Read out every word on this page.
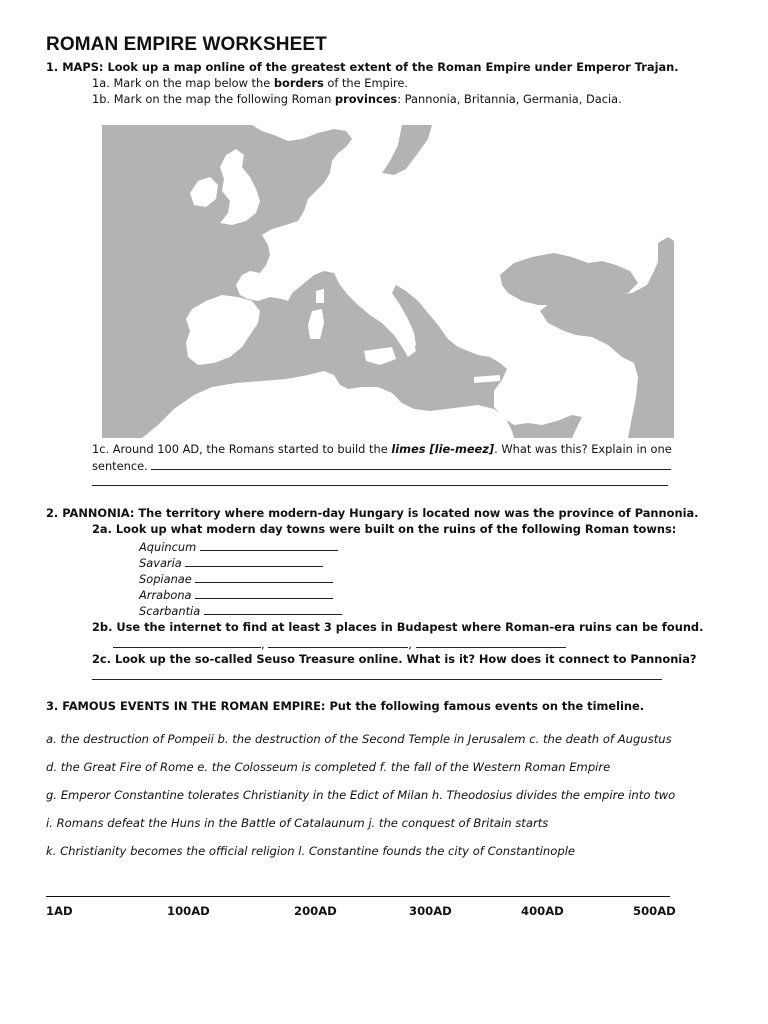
ROMAN EMPIRE WORKSHEET
1. MAPS: Look up a map online of the greatest extent of the Roman Empire under Emperor Trajan.
1a. Mark on the map below the borders of the Empire.
1b. Mark on the map the following Roman provinces: Pannonia, Britannia, Germania, Dacia.
1c. Around 100 AD, the Romans started to build the limes [lie-meez]. What was this? Explain in one
sentence.
2. PANNONIA: The territory where modern-day Hungary is located now was the province of Pannonia.
2a. Look up what modern day towns were built on the ruins of the following Roman towns:
Aquincum
Savaria
Sopianae
Arrabona
Scarbantia
2b. Use the internet to find at least 3 places in Budapest where Roman-era ruins can be found.
,	,
2c. Look up the so-called Seuso Treasure online. What is it? How does it connect to Pannonia?
3. FAMOUS EVENTS IN THE ROMAN EMPIRE: Put the following famous events on the timeline.
a. the destruction of Pompeii b. the destruction of the Second Temple in Jerusalem c. the death of Augustus
d. the Great Fire of Rome e. the Colosseum is completed f. the fall of the Western Roman Empire
g. Emperor Constantine tolerates Christianity in the Edict of Milan h. Theodosius divides the empire into two
i. Romans defeat the Huns in the Battle of Catalaunum j. the conquest of Britain starts
k. Christianity becomes the official religion l. Constantine founds the city of Constantinople
1AD	100AD	200AD	300AD	400AD	500AD
